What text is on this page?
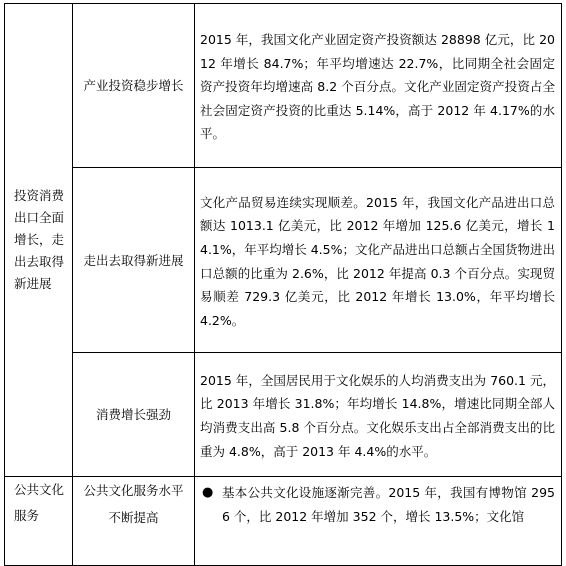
投资消费出口全面增长，走出去取得新进展	产业投资稳步增长	2015 年，我国文化产业固定资产投资额达 28898 亿元，比 2012 年增长 84.7%；年平均增速达 22.7%，比同期全社会固定资产投资年均增速高 8.2 个百分点。文化产业固定资产投资占全社会固定资产投资的比重达 5.14%，高于 2012 年 4.17%的水平。
	走出去取得新进展	文化产品贸易连续实现顺差。2015 年，我国文化产品进出口总额达 1013.1 亿美元，比 2012 年增加 125.6 亿美元，增长 14.1%，年平均增长 4.5%；文化产品进出口总额占全国货物进出口总额的比重为 2.6%，比 2012 年提高 0.3 个百分点。实现贸易顺差 729.3 亿美元，比 2012 年增长 13.0%，年平均增长 4.2%。
	消费增长强劲	2015 年，全国居民用于文化娱乐的人均消费支出为 760.1 元，比 2013 年增长 31.8%；年均增长 14.8%，增速比同期全部人均消费支出高 5.8 个百分点。文化娱乐支出占全部消费支出的比重为 4.8%，高于 2013 年 4.4%的水平。
公共文化服务	公共文化服务水平不断提高	● 基本公共文化设施逐渐完善。2015 年，我国有博物馆 2956 个，比 2012 年增加 352 个，增长 13.5%；文化馆
